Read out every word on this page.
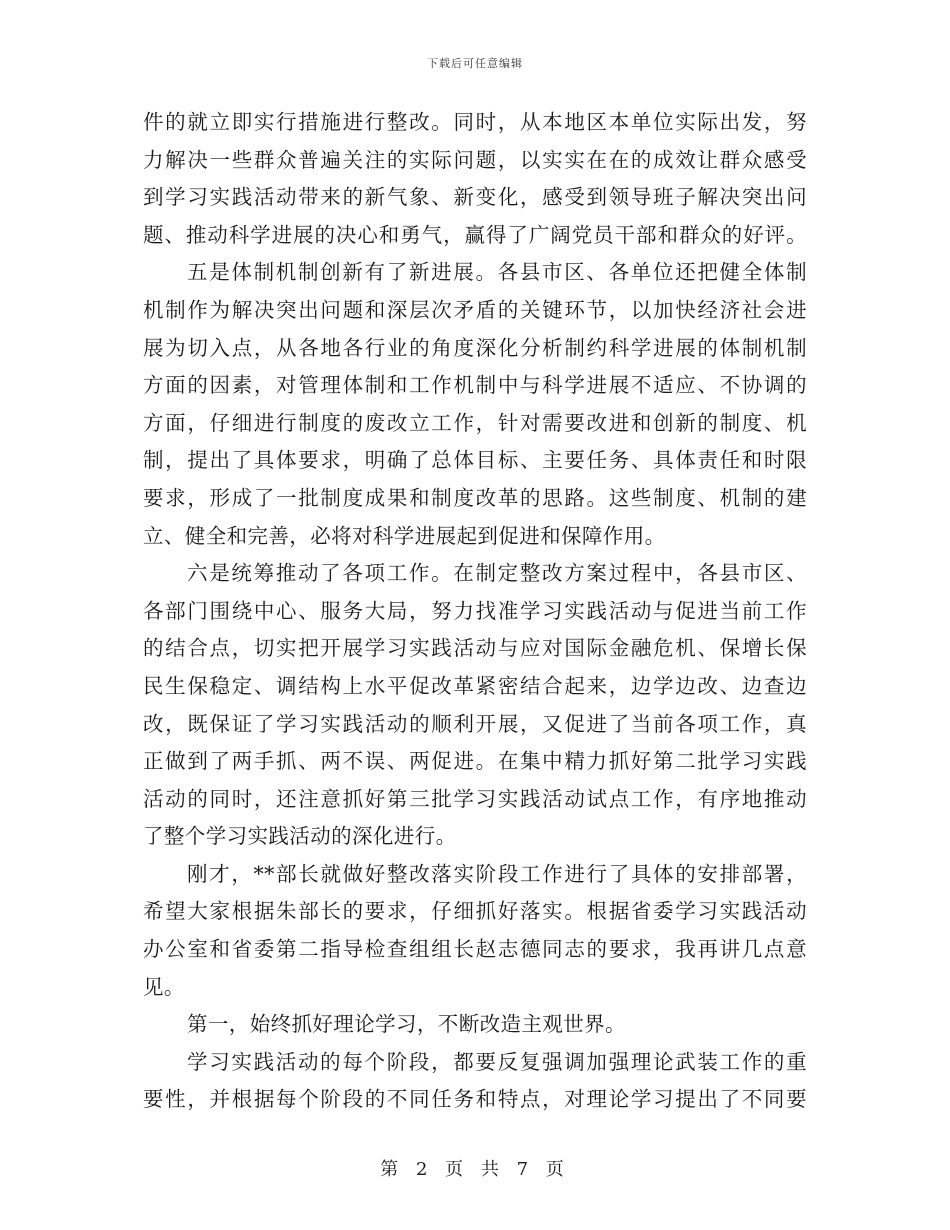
下载后可任意编辑
件的就立即实行措施进行整改。同时，从本地区本单位实际出发，努
力解决一些群众普遍关注的实际问题，以实实在在的成效让群众感受
到学习实践活动带来的新气象、新变化，感受到领导班子解决突出问
题、推动科学进展的决心和勇气，赢得了广阔党员干部和群众的好评。
五是体制机制创新有了新进展。各县市区、各单位还把健全体制
机制作为解决突出问题和深层次矛盾的关键环节，以加快经济社会进
展为切入点，从各地各行业的角度深化分析制约科学进展的体制机制
方面的因素，对管理体制和工作机制中与科学进展不适应、不协调的
方面，仔细进行制度的废改立工作，针对需要改进和创新的制度、机
制，提出了具体要求，明确了总体目标、主要任务、具体责任和时限
要求，形成了一批制度成果和制度改革的思路。这些制度、机制的建
立、健全和完善，必将对科学进展起到促进和保障作用。
六是统筹推动了各项工作。在制定整改方案过程中，各县市区、
各部门围绕中心、服务大局，努力找准学习实践活动与促进当前工作
的结合点，切实把开展学习实践活动与应对国际金融危机、保增长保
民生保稳定、调结构上水平促改革紧密结合起来，边学边改、边查边
改，既保证了学习实践活动的顺利开展，又促进了当前各项工作，真
正做到了两手抓、两不误、两促进。在集中精力抓好第二批学习实践
活动的同时，还注意抓好第三批学习实践活动试点工作，有序地推动
了整个学习实践活动的深化进行。
刚才，**部长就做好整改落实阶段工作进行了具体的安排部署，
希望大家根据朱部长的要求，仔细抓好落实。根据省委学习实践活动
办公室和省委第二指导检查组组长赵志德同志的要求，我再讲几点意
见。
第一，始终抓好理论学习，不断改造主观世界。
学习实践活动的每个阶段，都要反复强调加强理论武装工作的重
要性，并根据每个阶段的不同任务和特点，对理论学习提出了不同要
第 2 页 共 7 页
